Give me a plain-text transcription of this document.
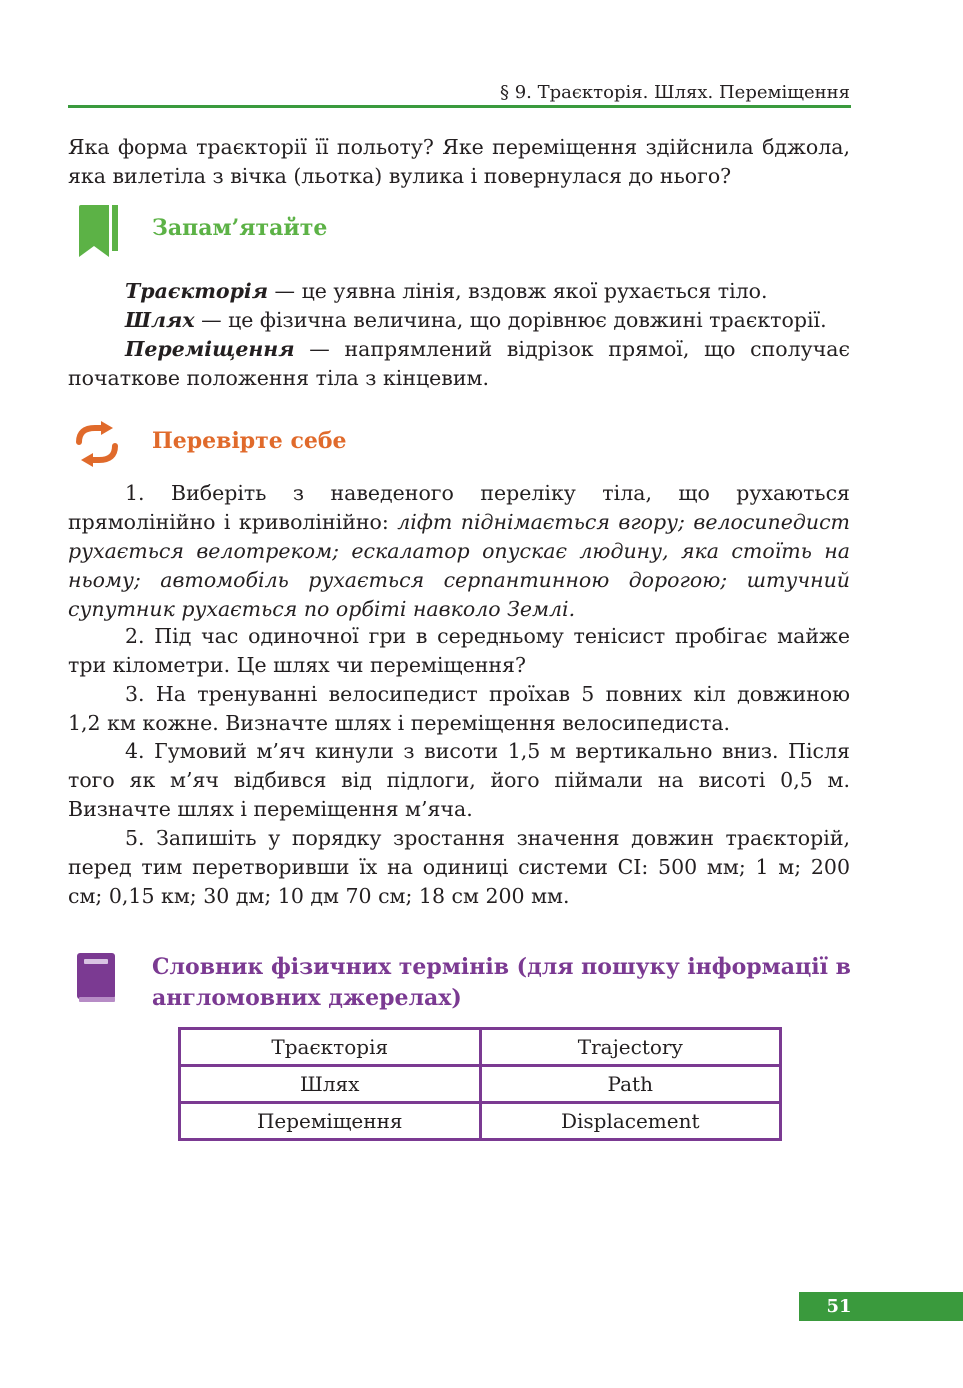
§ 9. Траєкторія. Шлях. Переміщення

Яка форма траєкторії її польоту? Яке переміщення здійснила бджола, яка вилетіла з вічка (льотка) вулика і повернулася до нього?

Запам’ятайте

Траєкторія — це уявна лінія, вздовж якої рухається тіло.

Шлях — це фізична величина, що дорівнює довжині траєкторії.

Переміщення — напрямлений відрізок прямої, що сполучає початкове положення тіла з кінцевим.

Перевірте себе

1. Виберіть з наведеного переліку тіла, що рухаються прямолінійно і криволінійно: ліфт піднімається вгору; велосипедист рухається велотреком; ескалатор опускає людину, яка стоїть на ньому; автомобіль рухається серпантинною дорогою; штучний супутник рухається по орбіті навколо Землі.

2. Під час одиночної гри в середньому тенісист пробігає майже три кілометри. Це шлях чи переміщення?

3. На тренуванні велосипедист проїхав 5 повних кіл довжиною 1,2 км кожне. Визначте шлях і переміщення велосипедиста.

4. Гумовий м’яч кинули з висоти 1,5 м вертикально вниз. Після того як м’яч відбився від підлоги, його піймали на висоті 0,5 м. Визначте шлях і переміщення м’яча.

5. Запишіть у порядку зростання значення довжин траєкторій, перед тим перетворивши їх на одиниці системи СІ: 500 мм; 1 м; 200 см; 0,15 км; 30 дм; 10 дм 70 см; 18 см 200 мм.

Словник фізичних термінів (для пошуку інформації в англомовних джерелах)
Траєкторія	Trajectory
Шлях	Path
Переміщення	Displacement
51
